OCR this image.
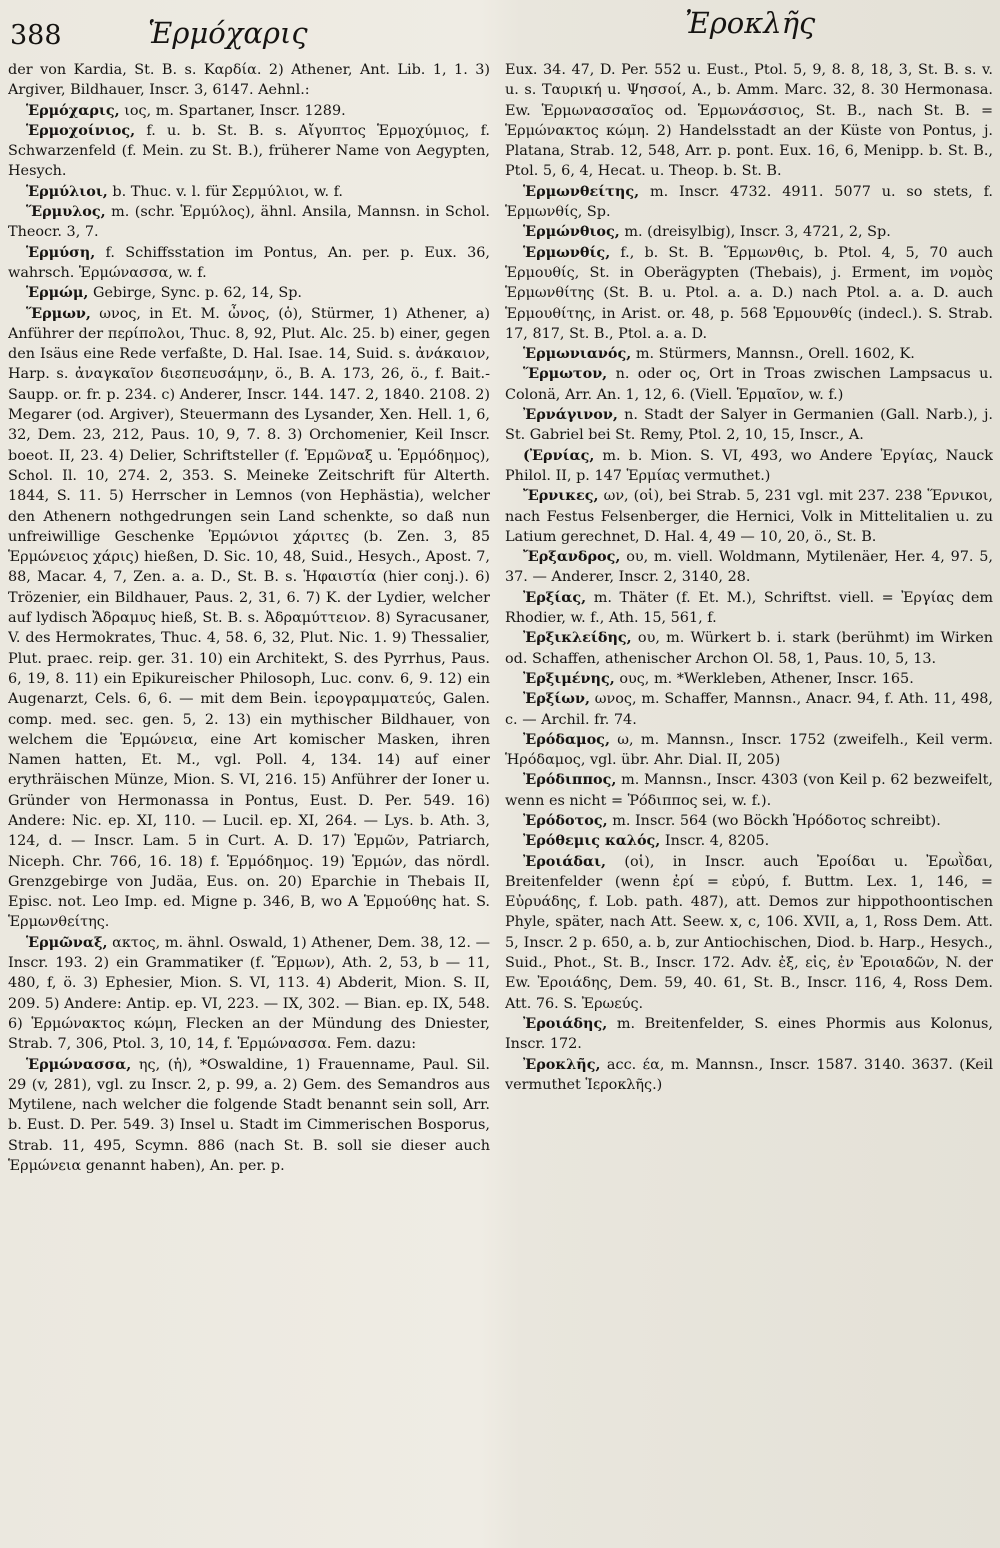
388	Ἑρμόχαρις	Ἐροκλῆς

der von Kardia, St. B. s. Καρδία. 2) Athener, Ant. Lib. 1, 1. 3) Argiver, Bildhauer, Inscr. 3, 6147. Aehnl.:

Ἑρμόχαρις, ιος, m. Spartaner, Inscr. 1289.

Ἑρμοχοίνιος, f. u. b. St. B. s. Αἴγυπτος Ἑρμοχύμιος, f. Schwarzenfeld (f. Mein. zu St. B.), früherer Name von Aegypten, Hesych.

Ἑρμύλιοι, b. Thuc. v. l. für Σερμύλιοι, w. f.

Ἕρμυλος, m. (schr. Ἑρμύλος), ähnl. Ansila, Mannsn. in Schol. Theocr. 3, 7.

Ἑρμύση, f. Schiffsstation im Pontus, An. per. p. Eux. 36, wahrsch. Ἑρμώνασσα, w. f.

Ἑρμώμ, Gebirge, Sync. p. 62, 14, Sp.

Ἕρμων, ωνος, in Et. M. ὦνος, (ὁ), Stürmer, 1) Athener, a) Anführer der περίπολοι, Thuc. 8, 92, Plut. Alc. 25. b) einer, gegen den Isäus eine Rede verfaßte, D. Hal. Isae. 14, Suid. s. ἀνάκαιον, Harp. s. ἀναγκαῖον διεσπευσάμην, ö., B. A. 173, 26, ö., f. Bait.-Saupp. or. fr. p. 234. c) Anderer, Inscr. 144. 147. 2, 1840. 2108. 2) Megarer (od. Argiver), Steuermann des Lysander, Xen. Hell. 1, 6, 32, Dem. 23, 212, Paus. 10, 9, 7. 8. 3) Orchomenier, Keil Inscr. boeot. II, 23. 4) Delier, Schriftsteller (f. Ἑρμῶναξ u. Ἑρμόδημος), Schol. Il. 10, 274. 2, 353. S. Meineke Zeitschrift für Alterth. 1844, S. 11. 5) Herrscher in Lemnos (von Hephästia), welcher den Athenern nothgedrungen sein Land schenkte, so daß nun unfreiwillige Geschenke Ἑρμώνιοι χάριτες (b. Zen. 3, 85 Ἑρμώνειος χάρις) hießen, D. Sic. 10, 48, Suid., Hesych., Apost. 7, 88, Macar. 4, 7, Zen. a. a. D., St. B. s. Ἡφαιστία (hier conj.). 6) Trözenier, ein Bildhauer, Paus. 2, 31, 6. 7) K. der Lydier, welcher auf lydisch Ἄδραμυς hieß, St. B. s. Ἀδραμύττειον. 8) Syracusaner, V. des Hermokrates, Thuc. 4, 58. 6, 32, Plut. Nic. 1. 9) Thessalier, Plut. praec. reip. ger. 31. 10) ein Architekt, S. des Pyrrhus, Paus. 6, 19, 8. 11) ein Epikureischer Philosoph, Luc. conv. 6, 9. 12) ein Augenarzt, Cels. 6, 6. — mit dem Bein. ἱερογραμματεύς, Galen. comp. med. sec. gen. 5, 2. 13) ein mythischer Bildhauer, von welchem die Ἑρμώνεια, eine Art komischer Masken, ihren Namen hatten, Et. M., vgl. Poll. 4, 134. 14) auf einer erythräischen Münze, Mion. S. VI, 216. 15) Anführer der Ioner u. Gründer von Hermonassa in Pontus, Eust. D. Per. 549. 16) Andere: Nic. ep. XI, 110. — Lucil. ep. XI, 264. — Lys. b. Ath. 3, 124, d. — Inscr. Lam. 5 in Curt. A. D. 17) Ἑρμῶν, Patriarch, Niceph. Chr. 766, 16. 18) f. Ἑρμόδημος. 19) Ἑρμών, das nördl. Grenzgebirge von Judäa, Eus. on. 20) Eparchie in Thebais II, Episc. not. Leo Imp. ed. Migne p. 346, B, wo A Ἑρμούθης hat. S. Ἑρμωνθείτης.

Ἑρμῶναξ, ακτος, m. ähnl. Oswald, 1) Athener, Dem. 38, 12. — Inscr. 193. 2) ein Grammatiker (f. Ἕρμων), Ath. 2, 53, b — 11, 480, f, ö. 3) Ephesier, Mion. S. VI, 113. 4) Abderit, Mion. S. II, 209. 5) Andere: Antip. ep. VI, 223. — IX, 302. — Bian. ep. IX, 548. 6) Ἑρμώνακτος κώμη, Flecken an der Mündung des Dniester, Strab. 7, 306, Ptol. 3, 10, 14, f. Ἑρμώνασσα. Fem. dazu:

Ἑρμώνασσα, ης, (ἡ), *Oswaldine, 1) Frauenname, Paul. Sil. 29 (v, 281), vgl. zu Inscr. 2, p. 99, a. 2) Gem. des Semandros aus Mytilene, nach welcher die folgende Stadt benannt sein soll, Arr. b. Eust. D. Per. 549. 3) Insel u. Stadt im Cimmerischen Bosporus, Strab. 11, 495, Scymn. 886 (nach St. B. soll sie dieser auch Ἑρμώνεια genannt haben), An. per. p.

Eux. 34. 47, D. Per. 552 u. Eust., Ptol. 5, 9, 8. 8, 18, 3, St. B. s. v. u. s. Ταυρική u. Ψησσοί, A., b. Amm. Marc. 32, 8. 30 Hermonasa. Ew. Ἑρμωνασσαῖος od. Ἑρμωνάσσιος, St. B., nach St. B. = Ἑρμώνακτος κώμη. 2) Handelsstadt an der Küste von Pontus, j. Platana, Strab. 12, 548, Arr. p. pont. Eux. 16, 6, Menipp. b. St. B., Ptol. 5, 6, 4, Hecat. u. Theop. b. St. B.

Ἑρμωνθείτης, m. Inscr. 4732. 4911. 5077 u. so stets, f. Ἑρμωνθίς, Sp.

Ἑρμώνθιος, m. (dreisylbig), Inscr. 3, 4721, 2, Sp.

Ἑρμωνθίς, f., b. St. B. Ἕρμωνθις, b. Ptol. 4, 5, 70 auch Ἑρμουθίς, St. in Oberägypten (Thebais), j. Erment, im νομὸς Ἑρμωνθίτης (St. B. u. Ptol. a. a. D.) nach Ptol. a. a. D. auch Ἑρμουθίτης, in Arist. or. 48, p. 568 Ἑρμουνθίς (indecl.). S. Strab. 17, 817, St. B., Ptol. a. a. D.

Ἑρμωνιανός, m. Stürmers, Mannsn., Orell. 1602, K.

Ἕρμωτον, n. oder ος, Ort in Troas zwischen Lampsacus u. Colonä, Arr. An. 1, 12, 6. (Viell. Ἑρμαῖον, w. f.)

Ἐρνάγινον, n. Stadt der Salyer in Germanien (Gall. Narb.), j. St. Gabriel bei St. Remy, Ptol. 2, 10, 15, Inscr., A.

(Ἐρνίας, m. b. Mion. S. VI, 493, wo Andere Ἐργίας, Nauck Philol. II, p. 147 Ἑρμίας vermuthet.)

Ἔρνικες, ων, (οἱ), bei Strab. 5, 231 vgl. mit 237. 238 Ἕρνικοι, nach Festus Felsenberger, die Hernici, Volk in Mittelitalien u. zu Latium gerechnet, D. Hal. 4, 49 — 10, 20, ö., St. B.

Ἔρξανδρος, ου, m. viell. Woldmann, Mytilenäer, Her. 4, 97. 5, 37. — Anderer, Inscr. 2, 3140, 28.

Ἐρξίας, m. Thäter (f. Et. M.), Schriftst. viell. = Ἐργίας dem Rhodier, w. f., Ath. 15, 561, f.

Ἐρξικλείδης, ου, m. Würkert b. i. stark (berühmt) im Wirken od. Schaffen, athenischer Archon Ol. 58, 1, Paus. 10, 5, 13.

Ἐρξιμένης, ους, m. *Werkleben, Athener, Inscr. 165.

Ἐρξίων, ωνος, m. Schaffer, Mannsn., Anacr. 94, f. Ath. 11, 498, c. — Archil. fr. 74.

Ἐρόδαμος, ω, m. Mannsn., Inscr. 1752 (zweifelh., Keil verm. Ἡρόδαμος, vgl. übr. Ahr. Dial. II, 205)

Ἐρόδιππος, m. Mannsn., Inscr. 4303 (von Keil p. 62 bezweifelt, wenn es nicht = Ῥόδιππος sei, w. f.).

Ἐρόδοτος, m. Inscr. 564 (wo Böckh Ἡρόδοτος schreibt).

Ἐρόθεμις καλός, Inscr. 4, 8205.

Ἐροιάδαι, (οἱ), in Inscr. auch Ἐροίδαι u. Ἐρωῒδαι, Breitenfelder (wenn ἐρί = εὐρύ, f. Buttm. Lex. 1, 146, = Εὐρυάδης, f. Lob. path. 487), att. Demos zur hippothoontischen Phyle, später, nach Att. Seew. x, c, 106. XVII, a, 1, Ross Dem. Att. 5, Inscr. 2 p. 650, a. b, zur Antiochischen, Diod. b. Harp., Hesych., Suid., Phot., St. B., Inscr. 172. Adv. ἐξ, εἰς, ἐν Ἐροιαδῶν, N. der Ew. Ἐροιάδης, Dem. 59, 40. 61, St. B., Inscr. 116, 4, Ross Dem. Att. 76. S. Ἐρωεύς.

Ἐροιάδης, m. Breitenfelder, S. eines Phormis aus Kolonus, Inscr. 172.

Ἐροκλῆς, acc. έα, m. Mannsn., Inscr. 1587. 3140. 3637. (Keil vermuthet Ἱεροκλῆς.)
